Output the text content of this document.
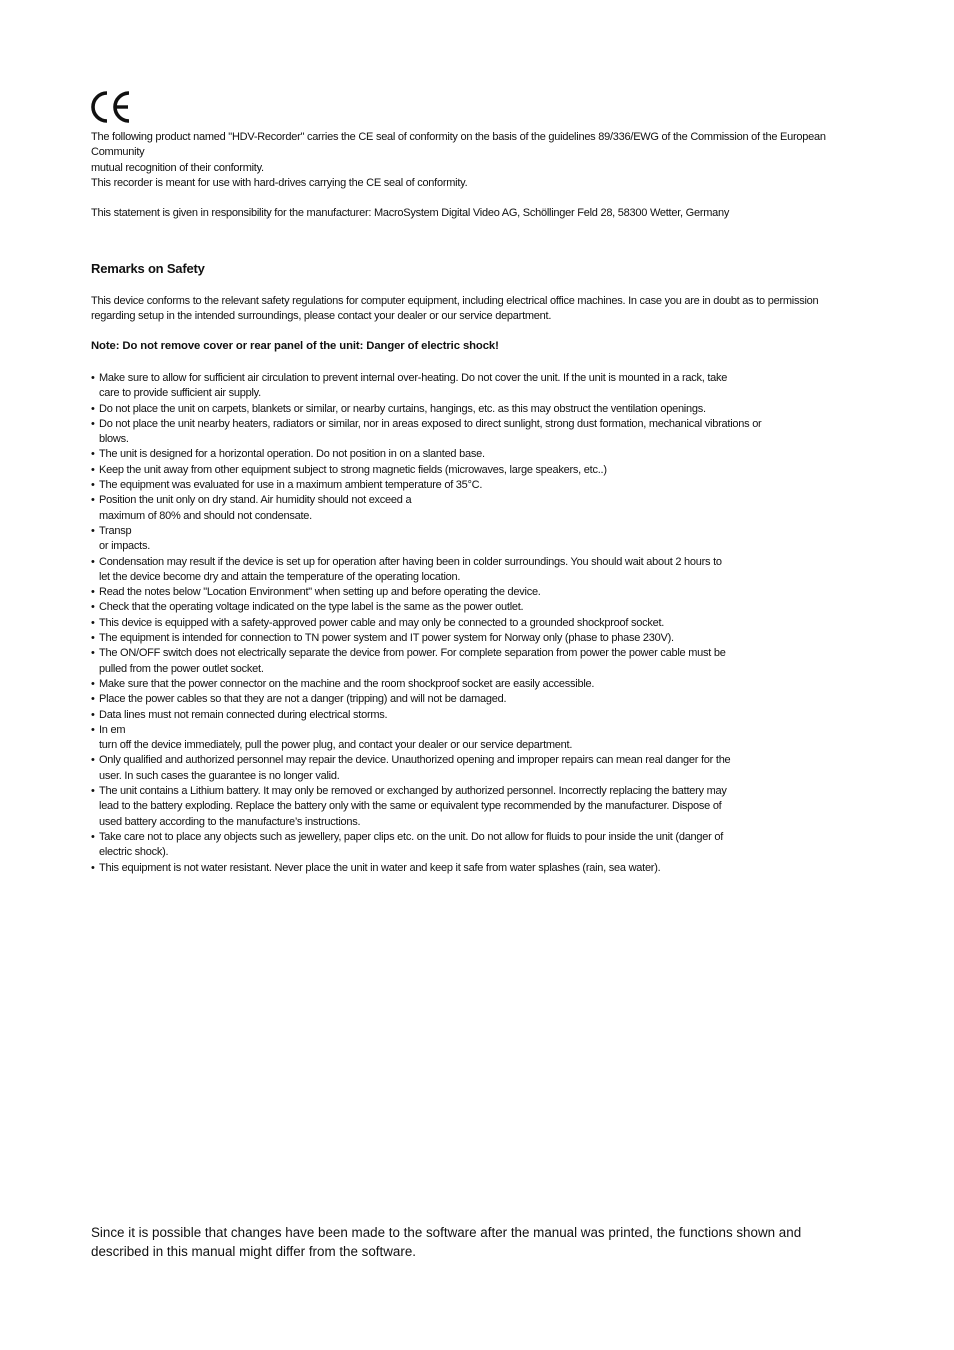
The following product named "HDV-Recorder" carries the CE seal of conformity on the basis of the guidelines 89/336/EWG of the Commission of the European Community

mutual recognition of their conformity.

This recorder is meant for use with hard-drives carrying the CE seal of conformity.

This statement is given in responsibility for the manufacturer: MacroSystem Digital Video AG, Schöllinger Feld 28, 58300 Wetter, Germany

Remarks on Safety

This device conforms to the relevant safety regulations for computer equipment, including electrical office machines. In case you are in doubt as to permission regarding setup in the intended surroundings, please contact your dealer or our service department.

Note: Do not remove cover or rear panel of the unit: Danger of electric shock!

• Make sure to allow for sufficient air circulation to prevent internal over-heating. Do not cover the unit. If the unit is mounted in a rack, take
care to provide sufficient air supply.
• Do not place the unit on carpets, blankets or similar, or nearby curtains, hangings, etc. as this may obstruct the ventilation openings.
• Do not place the unit nearby heaters, radiators or similar, nor in areas exposed to direct sunlight, strong dust formation, mechanical vibrations or
blows.
• The unit is designed for a horizontal operation. Do not position in on a slanted base.
• Keep the unit away from other equipment subject to strong magnetic fields (microwaves, large speakers, etc..)
• The equipment was evaluated for use in a maximum ambient temperature of 35°C.
• Position the unit only on dry stand. Air humidity should not exceed a
maximum of 80% and should not condensate.
• Transp
or impacts.
• Condensation may result if the device is set up for operation after having been in colder surroundings. You should wait about 2 hours to
let the device become dry and attain the temperature of the operating location.
• Read the notes below "Location Environment" when setting up and before operating the device.
• Check that the operating voltage indicated on the type label is the same as the power outlet.
• This device is equipped with a safety-approved power cable and may only be connected to a grounded shockproof socket.
• The equipment is intended for connection to TN power system and IT power system for Norway only (phase to phase 230V).
• The ON/OFF switch does not electrically separate the device from power. For complete separation from power the power cable must be
pulled from the power outlet socket.
• Make sure that the power connector on the machine and the room shockproof socket are easily accessible.
• Place the power cables so that they are not a danger (tripping) and will not be damaged.
• Data lines must not remain connected during electrical storms.
• In em
turn off the device immediately, pull the power plug, and contact your dealer or our service department.
• Only qualified and authorized personnel may repair the device. Unauthorized opening and improper repairs can mean real danger for the
user. In such cases the guarantee is no longer valid.
• The unit contains a Lithium battery. It may only be removed or exchanged by authorized personnel. Incorrectly replacing the battery may
lead to the battery exploding. Replace the battery only with the same or equivalent type recommended by the manufacturer. Dispose of
used battery according to the manufacture’s instructions.
• Take care not to place any objects such as jewellery, paper clips etc. on the unit. Do not allow for fluids to pour inside the unit (danger of
electric shock).
• This equipment is not water resistant. Never place the unit in water and keep it safe from water splashes (rain, sea water).

Since it is possible that changes have been made to the software after the manual was printed, the functions shown and described in this manual might differ from the software.
